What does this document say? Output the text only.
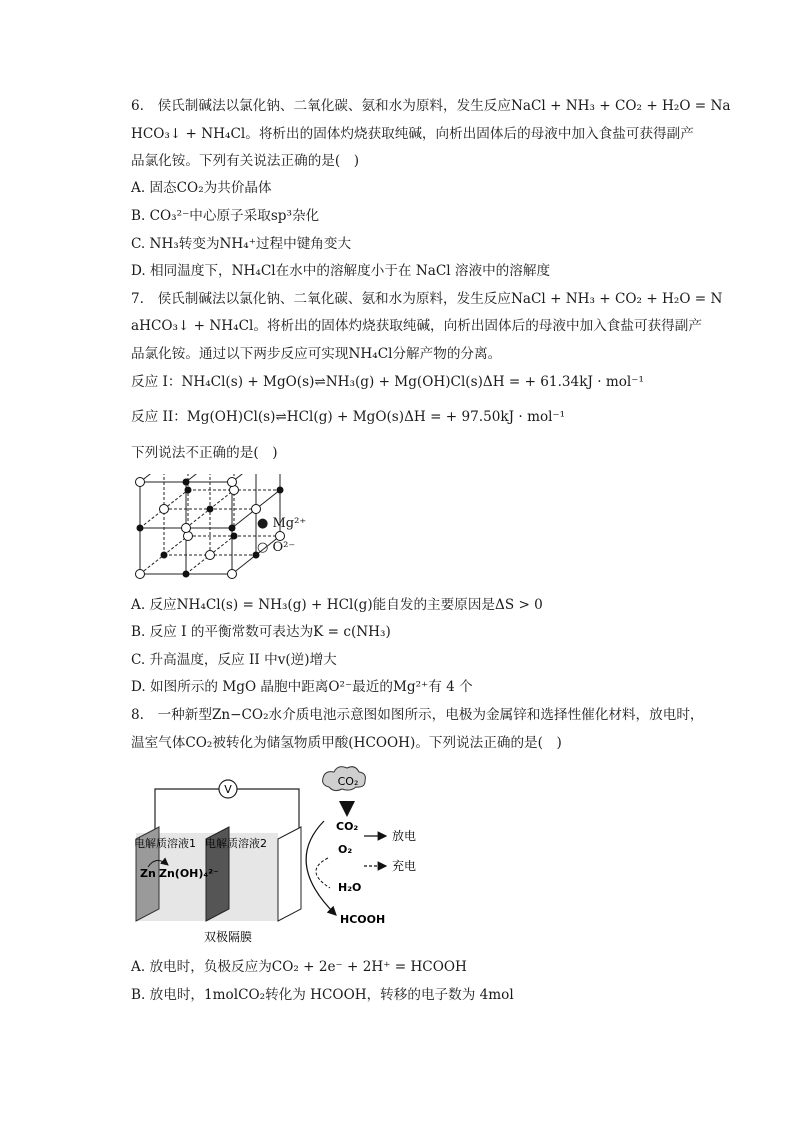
6.　侯氏制碱法以氯化钠、二氧化碳、氨和水为原料，发生反应NaCl + NH₃ + CO₂ + H₂O = Na
HCO₃↓ + NH₄Cl。将析出的固体灼烧获取纯碱，向析出固体后的母液中加入食盐可获得副产
品氯化铵。下列有关说法正确的是(　)
A. 固态CO₂为共价晶体
B. CO₃²⁻中心原子采取sp³杂化
C. NH₃转变为NH₄⁺过程中键角变大
D. 相同温度下，NH₄Cl在水中的溶解度小于在 NaCl 溶液中的溶解度
7.　侯氏制碱法以氯化钠、二氧化碳、氨和水为原料，发生反应NaCl + NH₃ + CO₂ + H₂O = N
aHCO₃↓ + NH₄Cl。将析出的固体灼烧获取纯碱，向析出固体后的母液中加入食盐可获得副产
品氯化铵。通过以下两步反应可实现NH₄Cl分解产物的分离。
反应 I：NH₄Cl(s) + MgO(s)⇌NH₃(g) + Mg(OH)Cl(s)ΔH = + 61.34kJ · mol⁻¹
反应 II：Mg(OH)Cl(s)⇌HCl(g) + MgO(s)ΔH = + 97.50kJ · mol⁻¹
下列说法不正确的是(　)
● Mg²⁺
○ O²⁻
A. 反应NH₄Cl(s) = NH₃(g) + HCl(g)能自发的主要原因是ΔS > 0
B. 反应 I 的平衡常数可表达为K = c(NH₃)
C. 升高温度，反应 II 中v(逆)增大
D. 如图所示的 MgO 晶胞中距离O²⁻最近的Mg²⁺有 4 个
8.　一种新型Zn−CO₂水介质电池示意图如图所示，电极为金属锌和选择性催化材料，放电时，
温室气体CO₂被转化为储氢物质甲酸(HCOOH)。下列说法正确的是(　)
V
电解质溶液1 电解质溶液2
Zn Zn(OH)₄²⁻
CO₂
CO₂
O₂
H₂O
HCOOH
放电
充电
双极隔膜
A. 放电时，负极反应为CO₂ + 2e⁻ + 2H⁺ = HCOOH
B. 放电时，1molCO₂转化为 HCOOH，转移的电子数为 4mol
